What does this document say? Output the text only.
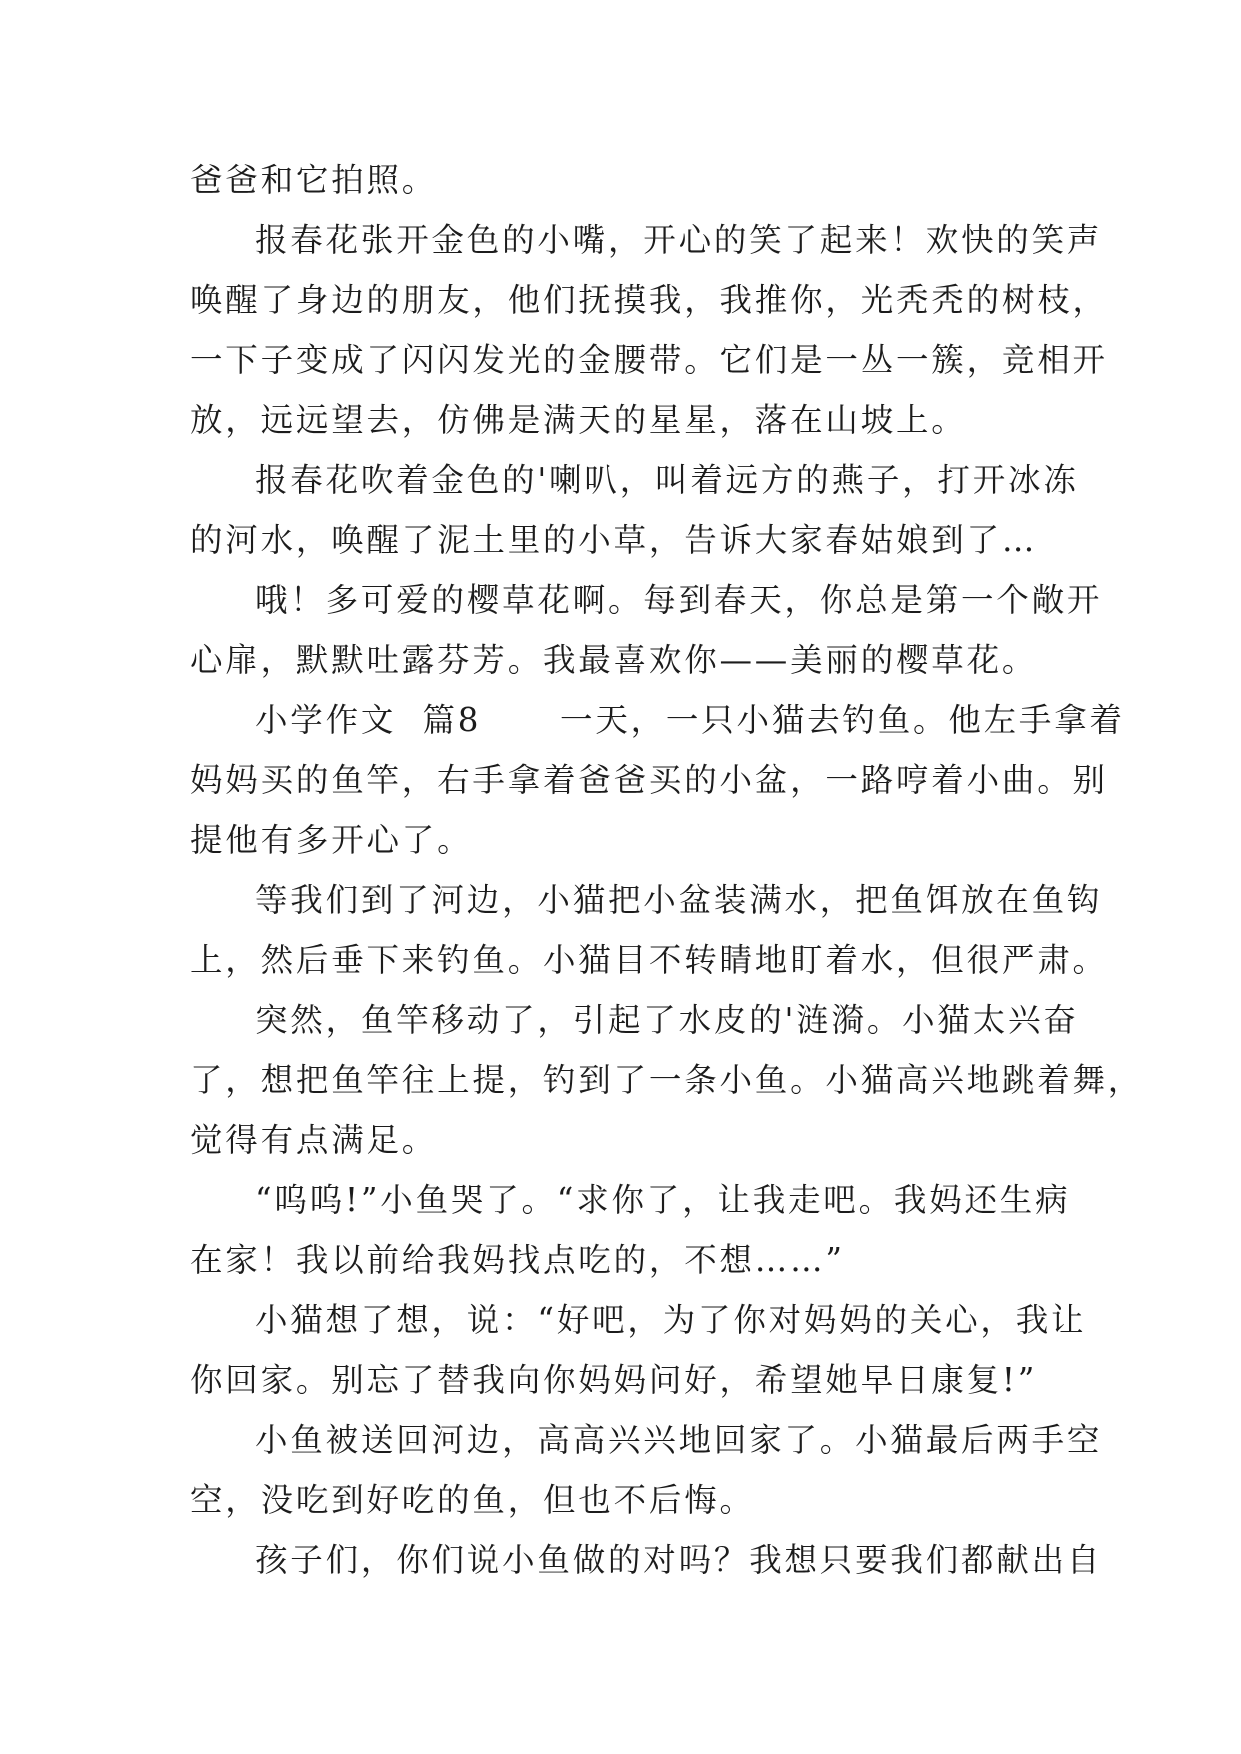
爸爸和它拍照。
报春花张开金色的小嘴，开心的笑了起来！欢快的笑声
唤醒了身边的朋友，他们抚摸我，我推你，光秃秃的树枝，
一下子变成了闪闪发光的金腰带。它们是一丛一簇，竞相开
放，远远望去，仿佛是满天的星星，落在山坡上。
报春花吹着金色的'喇叭，叫着远方的燕子，打开冰冻
的河水，唤醒了泥土里的小草，告诉大家春姑娘到了…
哦！多可爱的樱草花啊。每到春天，你总是第一个敞开
心扉，默默吐露芬芳。我最喜欢你——美丽的樱草花。
小学作文  篇8      一天，一只小猫去钓鱼。他左手拿着
妈妈买的鱼竿，右手拿着爸爸买的小盆，一路哼着小曲。别
提他有多开心了。
等我们到了河边，小猫把小盆装满水，把鱼饵放在鱼钩
上，然后垂下来钓鱼。小猫目不转睛地盯着水，但很严肃。
突然，鱼竿移动了，引起了水皮的'涟漪。小猫太兴奋
了，想把鱼竿往上提，钓到了一条小鱼。小猫高兴地跳着舞，
觉得有点满足。
“呜呜!”小鱼哭了。“求你了，让我走吧。我妈还生病
在家！我以前给我妈找点吃的，不想……”
小猫想了想，说：“好吧，为了你对妈妈的关心，我让
你回家。别忘了替我向你妈妈问好，希望她早日康复!”
小鱼被送回河边，高高兴兴地回家了。小猫最后两手空
空，没吃到好吃的鱼，但也不后悔。
孩子们，你们说小鱼做的对吗？我想只要我们都献出自
